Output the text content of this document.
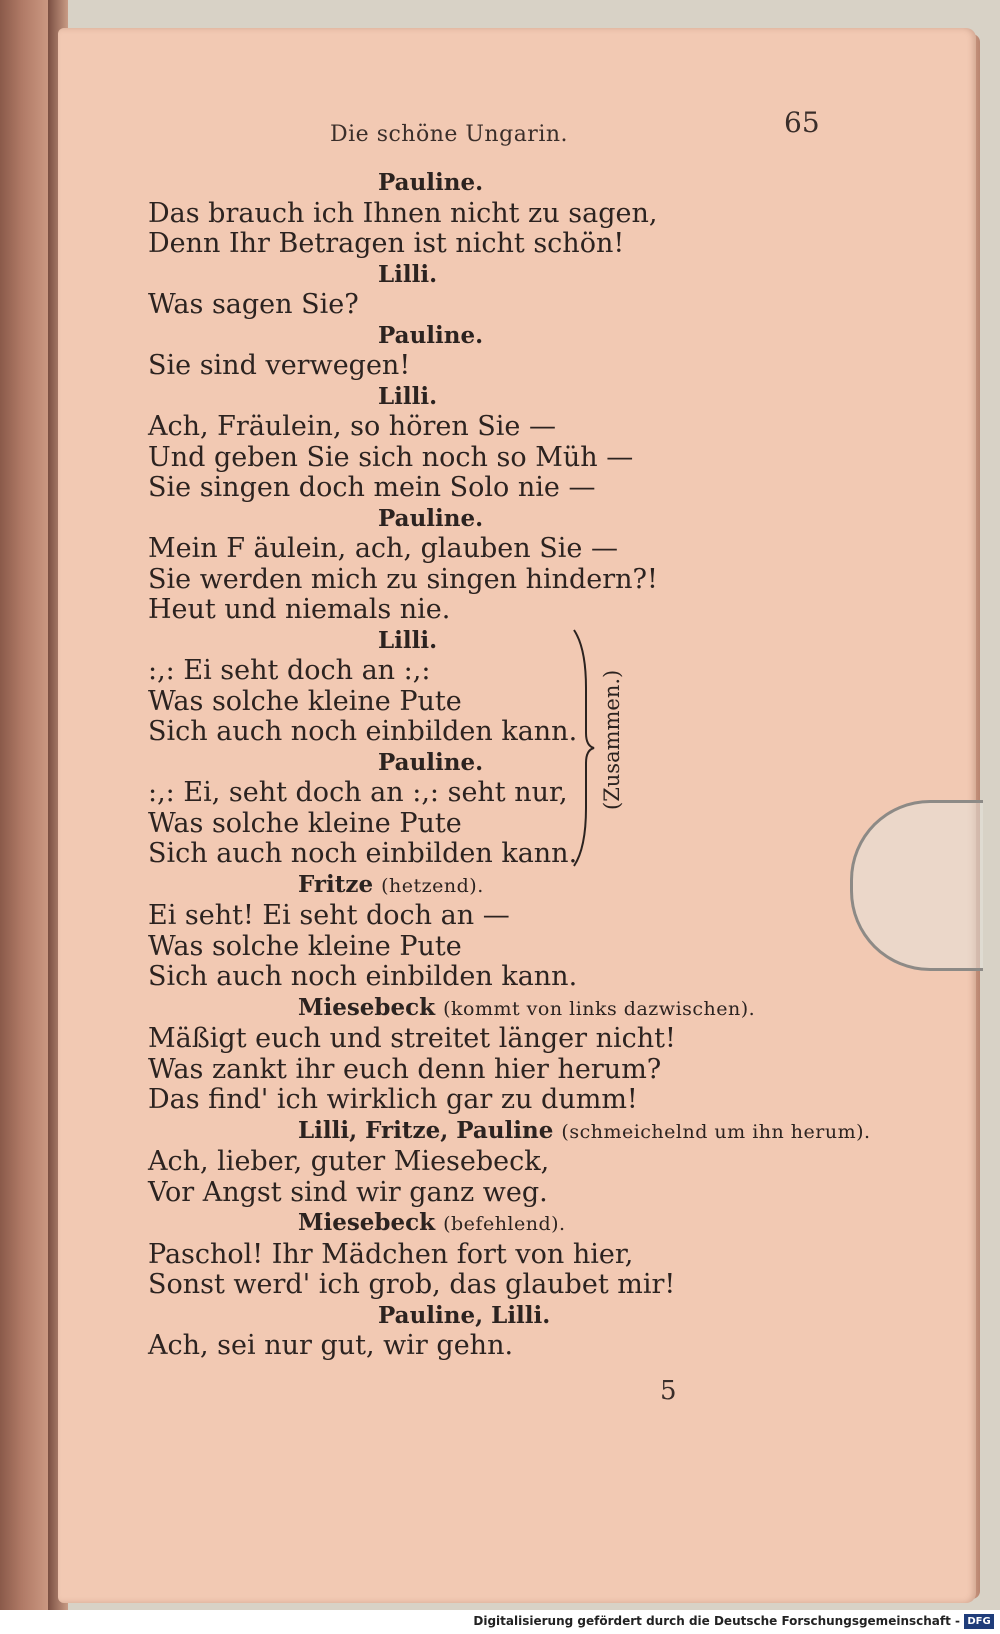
Die schöne Ungarin.	65
Pauline.
Das brauch ich Ihnen nicht zu sagen,
Denn Ihr Betragen ist nicht schön!
Lilli.
Was sagen Sie?
Pauline.
Sie sind verwegen!
Lilli.
Ach, Fräulein, so hören Sie —
Und geben Sie sich noch so Müh —
Sie singen doch mein Solo nie —
Pauline.
Mein F äulein, ach, glauben Sie —
Sie werden mich zu singen hindern?!
Heut und niemals nie.
Lilli.
:,: Ei seht doch an :,:
Was solche kleine Pute
Sich auch noch einbilden kann.
Pauline.
:,: Ei, seht doch an :,: seht nur,
Was solche kleine Pute
Sich auch noch einbilden kann.
Fritze (hetzend).
Ei seht! Ei seht doch an —
Was solche kleine Pute
Sich auch noch einbilden kann.
Miesebeck (kommt von links dazwischen).
Mäßigt euch und streitet länger nicht!
Was zankt ihr euch denn hier herum?
Das find' ich wirklich gar zu dumm!
Lilli, Fritze, Pauline (schmeichelnd um ihn herum).
Ach, lieber, guter Miesebeck,
Vor Angst sind wir ganz weg.
Miesebeck (befehlend).
Paschol! Ihr Mädchen fort von hier,
Sonst werd' ich grob, das glaubet mir!
Pauline, Lilli.
Ach, sei nur gut, wir gehn.
(Zusammen.)
5
Digitalisierung gefördert durch die Deutsche Forschungsgemeinschaft - DFG
